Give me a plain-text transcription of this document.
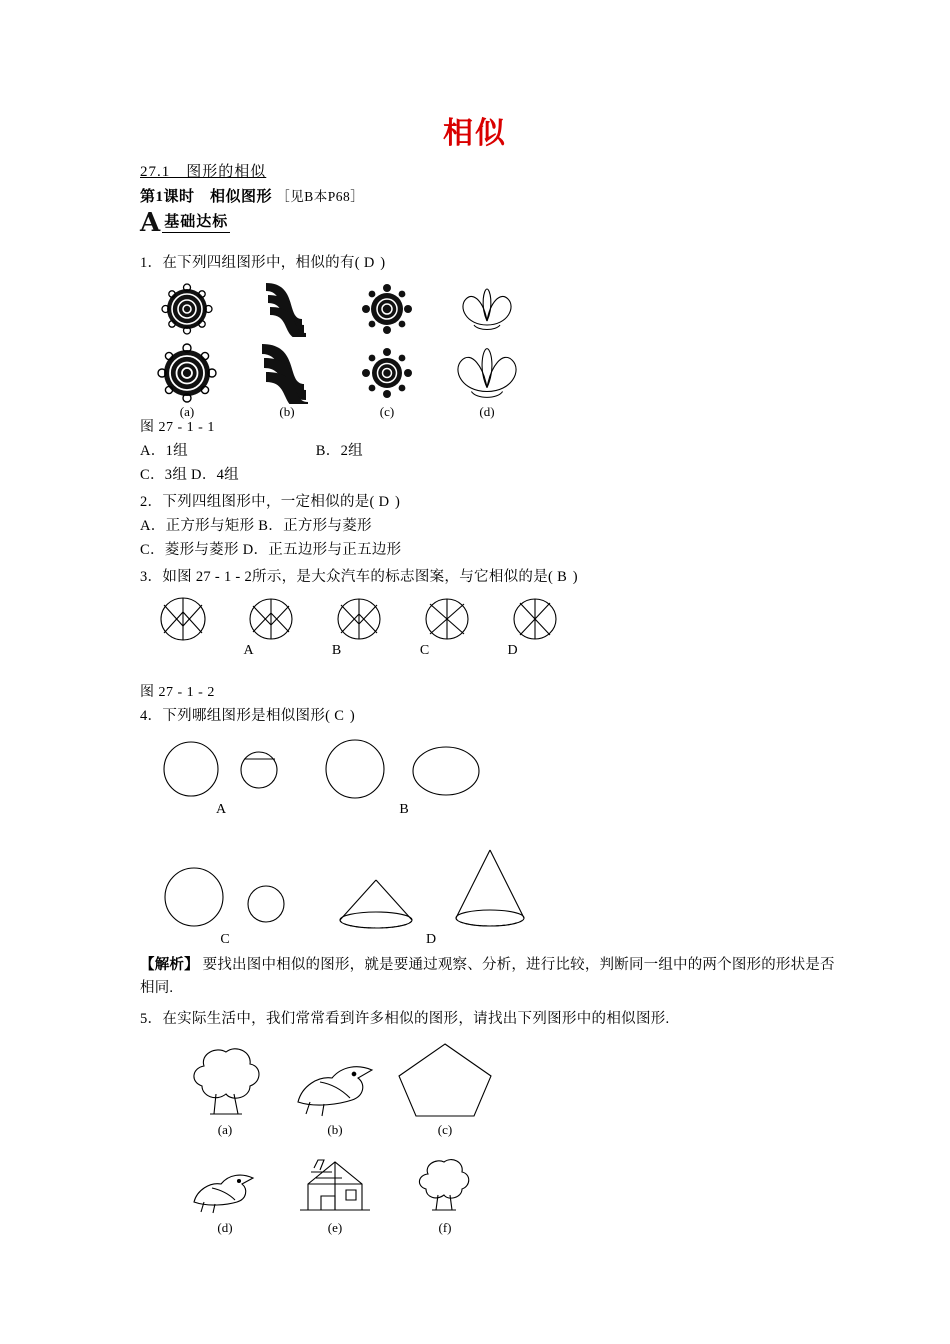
相似
27.1　图形的相似
第1课时　相似图形 ［见B本P68］
A 基础达标
1．在下列四组图形中，相似的有( D )
(a)	(b)	(c)	(d)
图 27 - 1 - 1
A．1组	B．2组
C．3组 D．4组
2．下列四组图形中，一定相似的是( D )
A．正方形与矩形 B．正方形与菱形
C．菱形与菱形 D．正五边形与正五边形
3．如图 27 - 1 - 2所示，是大众汽车的标志图案，与它相似的是( B )
A	B	C	D
图 27 - 1 - 2
4．下列哪组图形是相似图形( C )
A	B
C	D
【解析】 要找出图中相似的图形，就是要通过观察、分析，进行比较，判断同一组中的两个图形的形状是否相同.
5．在实际生活中，我们常常看到许多相似的图形，请找出下列图形中的相似图形.
(a)	(b)	(c)
(d)	(e)	(f)
